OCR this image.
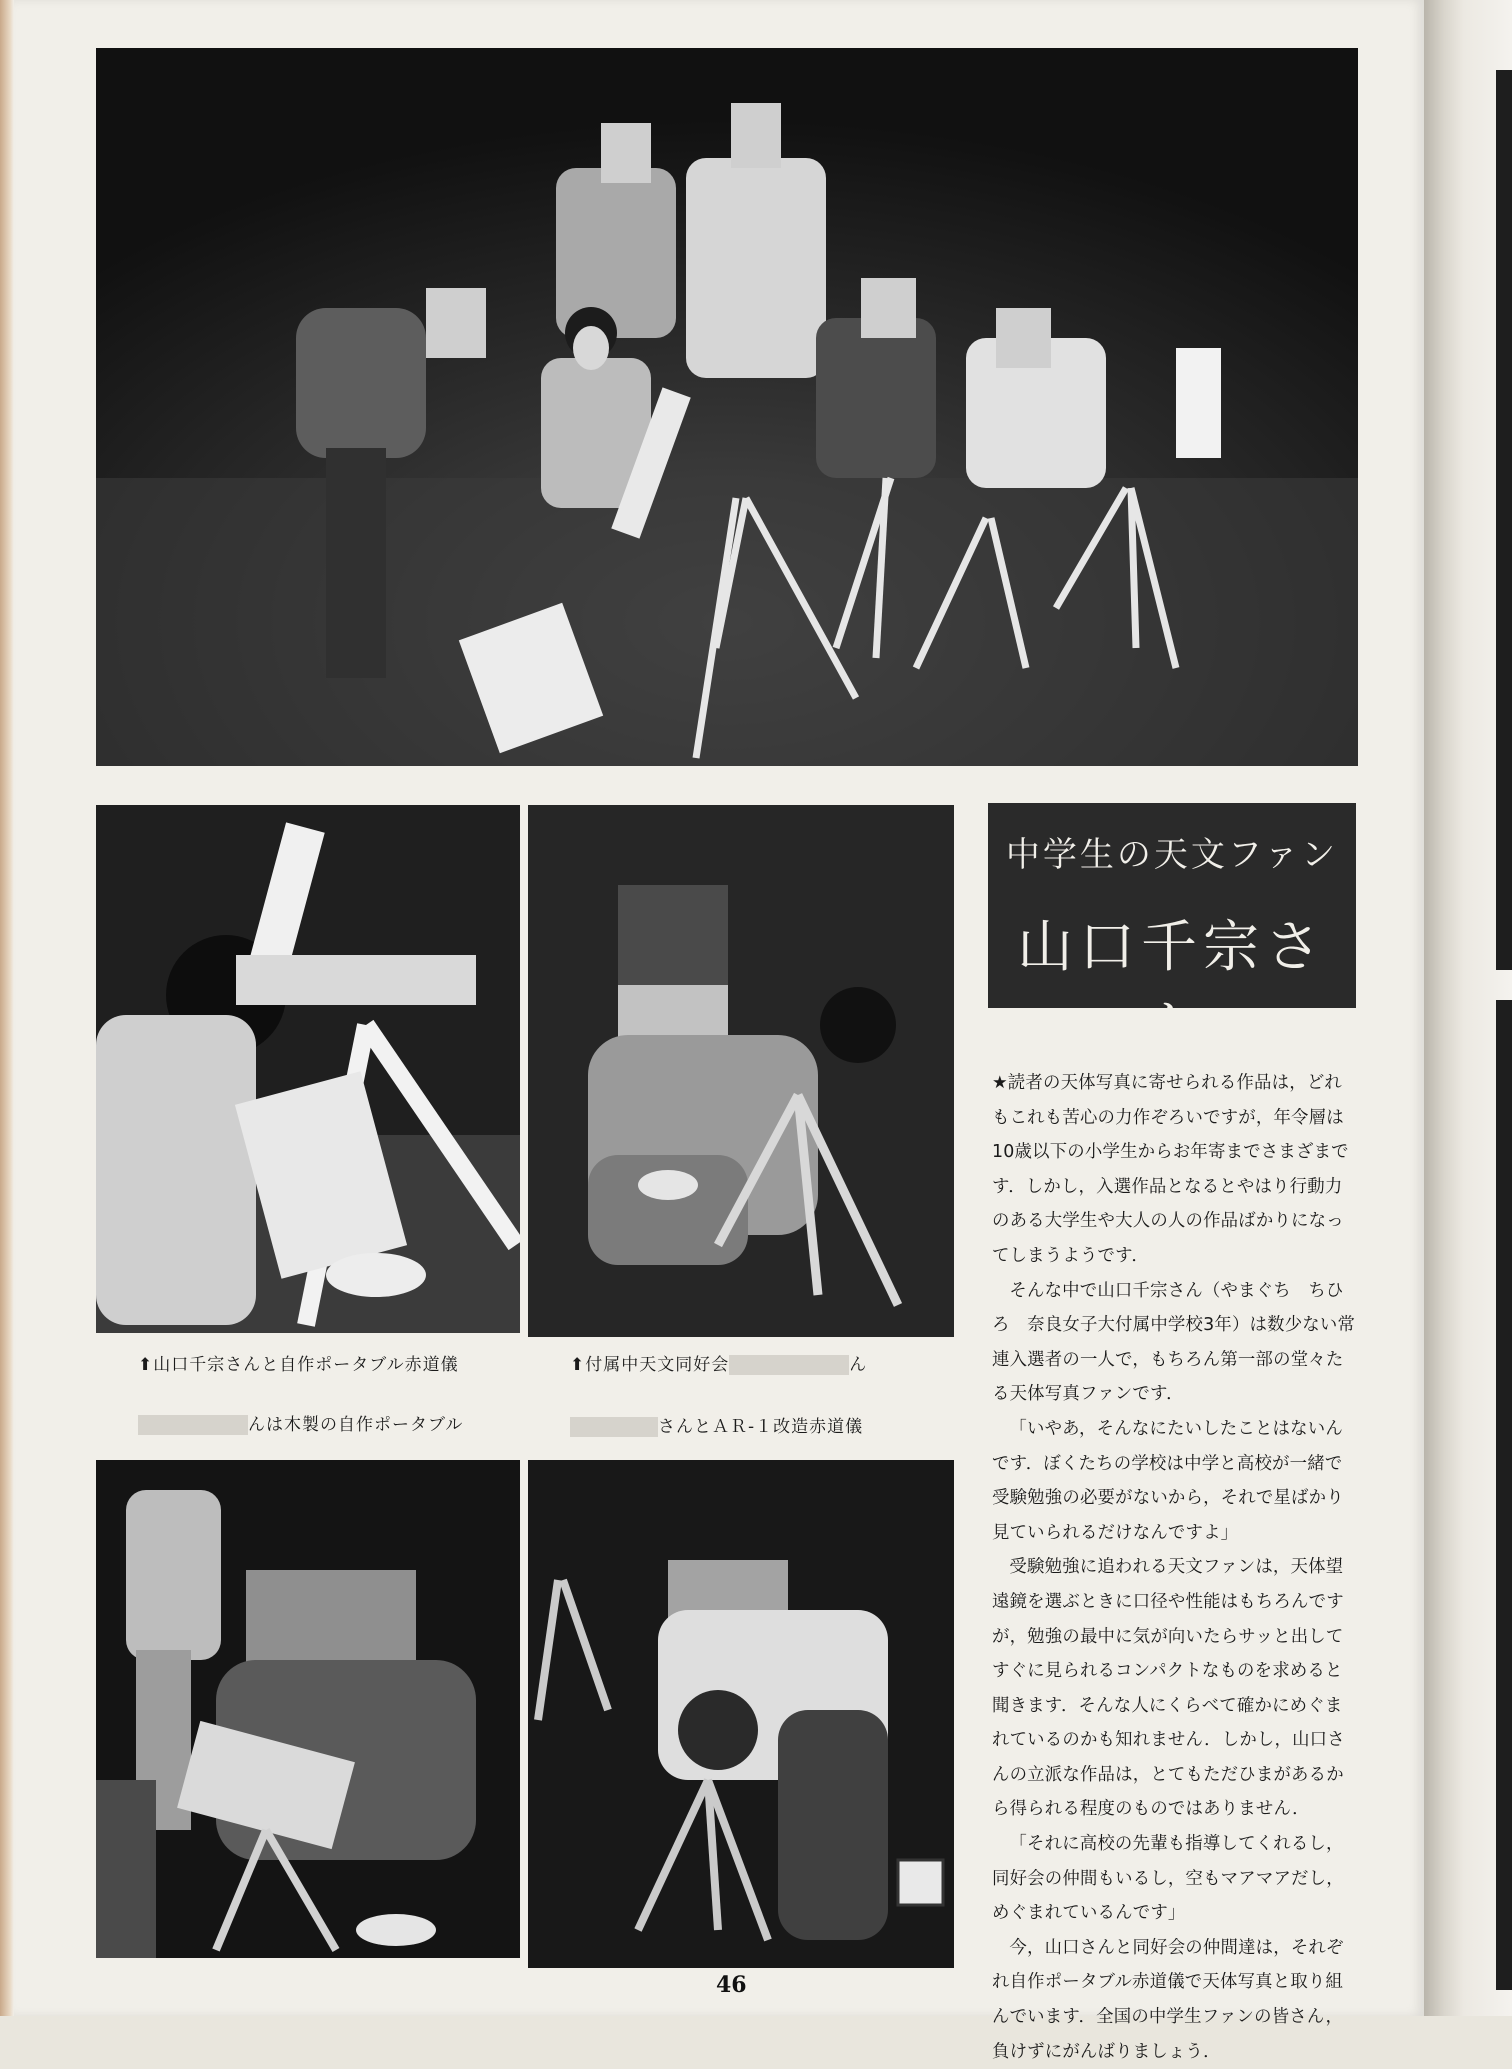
⬆山口千宗さんと自作ポータブル赤道儀
んは木製の自作ポータブル
⬆付属中天文同好会	ん
さんとＡＲ-１改造赤道儀
中学生の天文ファン
山口千宗さん

★読者の天体写真に寄せられる作品は，どれもこれも苦心の力作ぞろいですが，年令層は10歳以下の小学生からお年寄までさまざまです．しかし，入選作品となるとやはり行動力のある大学生や大人の人の作品ばかりになってしまうようです．

そんな中で山口千宗さん（やまぐち　ちひろ　奈良女子大付属中学校3年）は数少ない常連入選者の一人で，もちろん第一部の堂々たる天体写真ファンです．

「いやあ，そんなにたいしたことはないんです．ぼくたちの学校は中学と高校が一緒で受験勉強の必要がないから，それで星ばかり見ていられるだけなんですよ」

受験勉強に追われる天文ファンは，天体望遠鏡を選ぶときに口径や性能はもちろんですが，勉強の最中に気が向いたらサッと出してすぐに見られるコンパクトなものを求めると聞きます．そんな人にくらべて確かにめぐまれているのかも知れません．しかし，山口さんの立派な作品は，とてもただひまがあるから得られる程度のものではありません．

「それに高校の先輩も指導してくれるし，同好会の仲間もいるし，空もマアマアだし，めぐまれているんです」

今，山口さんと同好会の仲間達は，それぞれ自作ポータブル赤道儀で天体写真と取り組んでいます．全国の中学生ファンの皆さん，負けずにがんばりましょう．

46
